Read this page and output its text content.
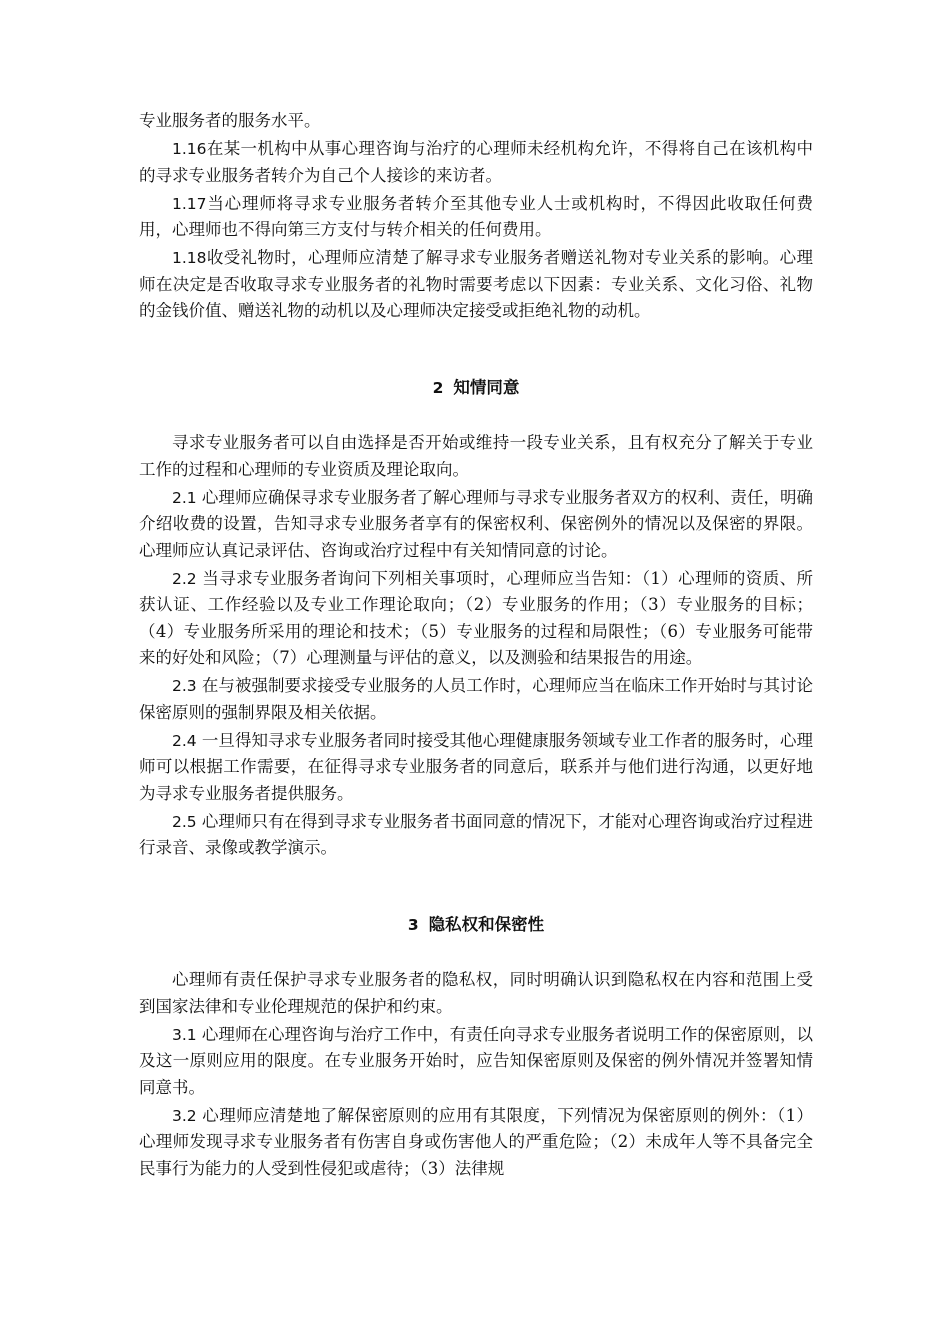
专业服务者的服务水平。

1.16在某一机构中从事心理咨询与治疗的心理师未经机构允许，不得将自己在该机构中的寻求专业服务者转介为自己个人接诊的来访者。

1.17当心理师将寻求专业服务者转介至其他专业人士或机构时，不得因此收取任何费用，心理师也不得向第三方支付与转介相关的任何费用。

1.18收受礼物时，心理师应清楚了解寻求专业服务者赠送礼物对专业关系的影响。心理师在决定是否收取寻求专业服务者的礼物时需要考虑以下因素：专业关系、文化习俗、礼物的金钱价值、赠送礼物的动机以及心理师决定接受或拒绝礼物的动机。

2 知情同意

寻求专业服务者可以自由选择是否开始或维持一段专业关系，且有权充分了解关于专业工作的过程和心理师的专业资质及理论取向。

2.1 心理师应确保寻求专业服务者了解心理师与寻求专业服务者双方的权利、责任，明确介绍收费的设置，告知寻求专业服务者享有的保密权利、保密例外的情况以及保密的界限。心理师应认真记录评估、咨询或治疗过程中有关知情同意的讨论。

2.2 当寻求专业服务者询问下列相关事项时，心理师应当告知：（1）心理师的资质、所获认证、工作经验以及专业工作理论取向；（2）专业服务的作用；（3）专业服务的目标；（4）专业服务所采用的理论和技术；（5）专业服务的过程和局限性；（6）专业服务可能带来的好处和风险；（7）心理测量与评估的意义，以及测验和结果报告的用途。

2.3 在与被强制要求接受专业服务的人员工作时，心理师应当在临床工作开始时与其讨论保密原则的强制界限及相关依据。

2.4 一旦得知寻求专业服务者同时接受其他心理健康服务领域专业工作者的服务时，心理师可以根据工作需要，在征得寻求专业服务者的同意后，联系并与他们进行沟通，以更好地为寻求专业服务者提供服务。

2.5 心理师只有在得到寻求专业服务者书面同意的情况下，才能对心理咨询或治疗过程进行录音、录像或教学演示。

3 隐私权和保密性

心理师有责任保护寻求专业服务者的隐私权，同时明确认识到隐私权在内容和范围上受到国家法律和专业伦理规范的保护和约束。

3.1 心理师在心理咨询与治疗工作中，有责任向寻求专业服务者说明工作的保密原则，以及这一原则应用的限度。在专业服务开始时，应告知保密原则及保密的例外情况并签署知情同意书。

3.2 心理师应清楚地了解保密原则的应用有其限度，下列情况为保密原则的例外：（1）心理师发现寻求专业服务者有伤害自身或伤害他人的严重危险；（2）未成年人等不具备完全民事行为能力的人受到性侵犯或虐待；（3）法律规
